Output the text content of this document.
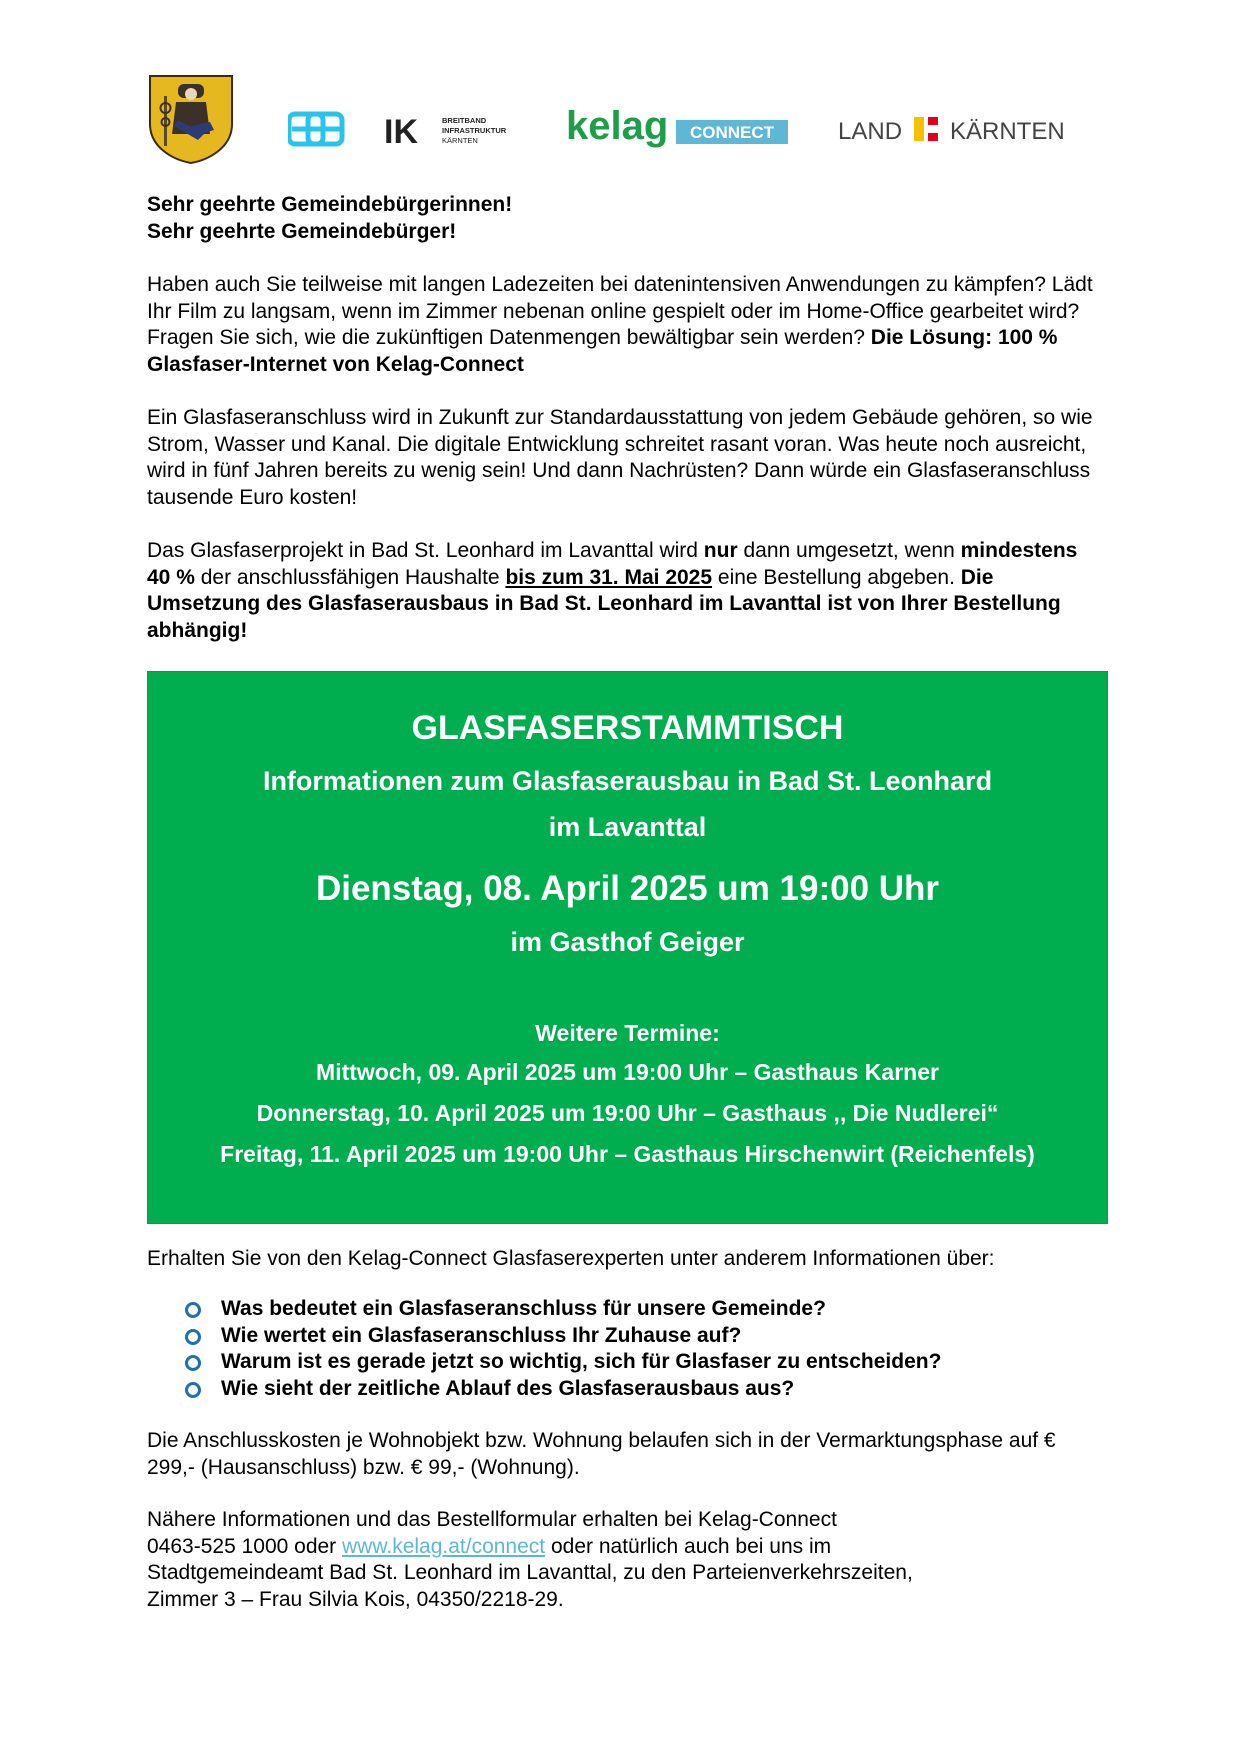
IK	BREITBAND
INFRASTRUKTUR
KÄRNTEN kelag CONNECT	LAND KÄRNTEN

Sehr geehrte Gemeindebürgerinnen!
Sehr geehrte Gemeindebürger!

Haben auch Sie teilweise mit langen Ladezeiten bei datenintensiven Anwendungen zu kämpfen? Lädt Ihr Film zu langsam, wenn im Zimmer nebenan online gespielt oder im Home-Office gearbeitet wird? Fragen Sie sich, wie die zukünftigen Datenmengen bewältigbar sein werden? Die Lösung: 100 % Glasfaser-Internet von Kelag-Connect

Ein Glasfaseranschluss wird in Zukunft zur Standardausstattung von jedem Gebäude gehören, so wie Strom, Wasser und Kanal. Die digitale Entwicklung schreitet rasant voran. Was heute noch ausreicht, wird in fünf Jahren bereits zu wenig sein! Und dann Nachrüsten? Dann würde ein Glasfaseranschluss tausende Euro kosten!

Das Glasfaserprojekt in Bad St. Leonhard im Lavanttal wird nur dann umgesetzt, wenn mindestens 40 % der anschlussfähigen Haushalte bis zum 31. Mai 2025 eine Bestellung abgeben. Die Umsetzung des Glasfaserausbaus in Bad St. Leonhard im Lavanttal ist von Ihrer Bestellung abhängig!

GLASFASERSTAMMTISCH
Informationen zum Glasfaserausbau in Bad St. Leonhard
im Lavanttal
Dienstag, 08. April 2025 um 19:00 Uhr
im Gasthof Geiger
Weitere Termine:
Mittwoch, 09. April 2025 um 19:00 Uhr – Gasthaus Karner
Donnerstag, 10. April 2025 um 19:00 Uhr – Gasthaus ,, Die Nudlerei“
Freitag, 11. April 2025 um 19:00 Uhr – Gasthaus Hirschenwirt (Reichenfels)
Erhalten Sie von den Kelag-Connect Glasfaserexperten unter anderem Informationen über:
Was bedeutet ein Glasfaseranschluss für unsere Gemeinde?
Wie wertet ein Glasfaseranschluss Ihr Zuhause auf?
Warum ist es gerade jetzt so wichtig, sich für Glasfaser zu entscheiden?
Wie sieht der zeitliche Ablauf des Glasfaserausbaus aus?
Die Anschlusskosten je Wohnobjekt bzw. Wohnung belaufen sich in der Vermarktungsphase auf € 299,- (Hausanschluss) bzw. € 99,- (Wohnung).
Nähere Informationen und das Bestellformular erhalten bei Kelag-Connect
0463-525 1000 oder www.kelag.at/connect oder natürlich auch bei uns im
Stadtgemeindeamt Bad St. Leonhard im Lavanttal, zu den Parteienverkehrszeiten,
Zimmer 3 – Frau Silvia Kois, 04350/2218-29.
